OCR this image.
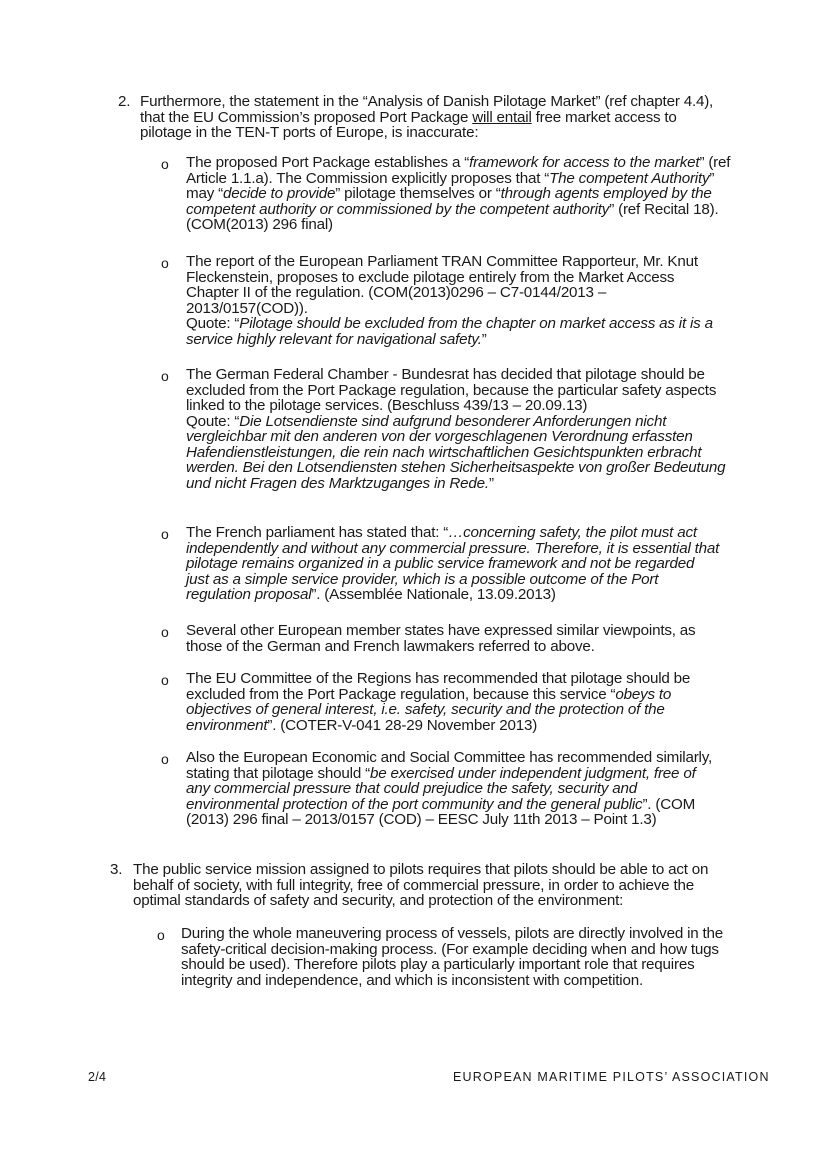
2. Furthermore, the statement in the “Analysis of Danish Pilotage Market” (ref chapter 4.4), that the EU Commission’s proposed Port Package will entail free market access to pilotage in the TEN-T ports of Europe, is inaccurate:
o The proposed Port Package establishes a “framework for access to the market” (ref Article 1.1.a). The Commission explicitly proposes that “The competent Authority” may “decide to provide” pilotage themselves or “through agents employed by the competent authority or commissioned by the competent authority” (ref Recital 18). (COM(2013) 296 final)
o The report of the European Parliament TRAN Committee Rapporteur, Mr. Knut Fleckenstein, proposes to exclude pilotage entirely from the Market Access Chapter II of the regulation. (COM(2013)0296 – C7-0144/2013 – 2013/0157(COD)).
Quote: “Pilotage should be excluded from the chapter on market access as it is a service highly relevant for navigational safety.”
o The German Federal Chamber - Bundesrat has decided that pilotage should be excluded from the Port Package regulation, because the particular safety aspects linked to the pilotage services. (Beschluss 439/13 – 20.09.13)
Qoute: “Die Lotsendienste sind aufgrund besonderer Anforderungen nicht vergleichbar mit den anderen von der vorgeschlagenen Verordnung erfassten Hafendienstleistungen, die rein nach wirtschaftlichen Gesichtspunkten erbracht werden. Bei den Lotsendiensten stehen Sicherheitsaspekte von großer Bedeutung und nicht Fragen des Marktzuganges in Rede.”
o The French parliament has stated that: “…concerning safety, the pilot must act independently and without any commercial pressure. Therefore, it is essential that pilotage remains organized in a public service framework and not be regarded just as a simple service provider, which is a possible outcome of the Port regulation proposal”. (Assemblée Nationale, 13.09.2013)
o Several other European member states have expressed similar viewpoints, as those of the German and French lawmakers referred to above.
o The EU Committee of the Regions has recommended that pilotage should be excluded from the Port Package regulation, because this service “obeys to objectives of general interest, i.e. safety, security and the protection of the environment”. (COTER-V-041 28-29 November 2013)
o Also the European Economic and Social Committee has recommended similarly, stating that pilotage should “be exercised under independent judgment, free of any commercial pressure that could prejudice the safety, security and environmental protection of the port community and the general public”. (COM (2013) 296 final – 2013/0157 (COD) – EESC July 11th 2013 – Point 1.3)
3. The public service mission assigned to pilots requires that pilots should be able to act on behalf of society, with full integrity, free of commercial pressure, in order to achieve the optimal standards of safety and security, and protection of the environment:
o During the whole maneuvering process of vessels, pilots are directly involved in the safety-critical decision-making process. (For example deciding when and how tugs should be used). Therefore pilots play a particularly important role that requires integrity and independence, and which is inconsistent with competition.
2/4	EUROPEAN MARITIME PILOTS’ ASSOCIATION
